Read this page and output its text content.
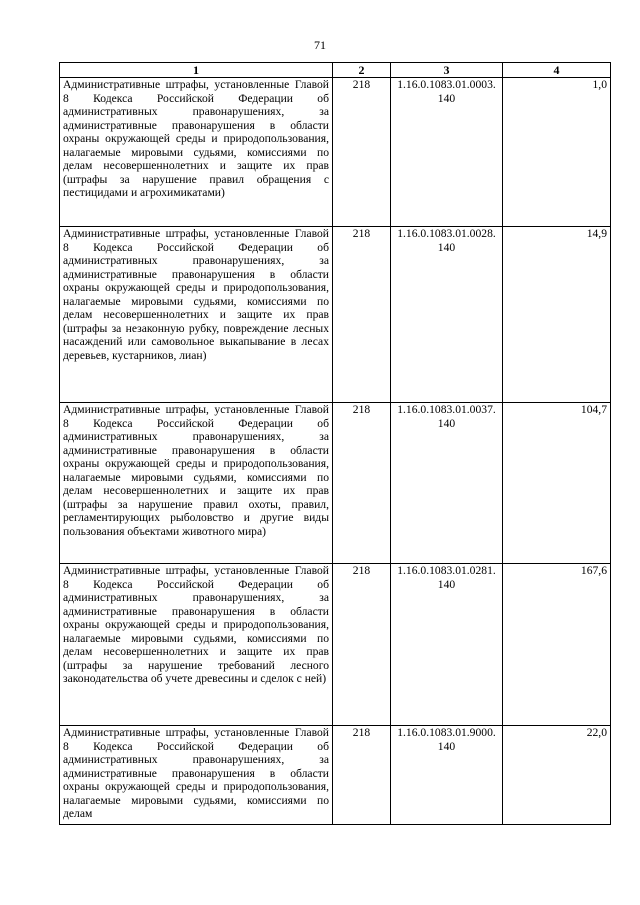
71
1	2	3	4
Административные штрафы, установленные Главой 8 Кодекса Российской Федерации об административных правонарушениях, за административные правонарушения в области охраны окружающей среды и природопользования, налагаемые мировыми судьями, комиссиями по делам несовершеннолетних и защите их прав (штрафы за нарушение правил обращения с пестицидами и агрохимикатами)	218	1.16.0.1083.01.0003. 140	1,0
Административные штрафы, установленные Главой 8 Кодекса Российской Федерации об административных правонарушениях, за административные правонарушения в области охраны окружающей среды и природопользования, налагаемые мировыми судьями, комиссиями по делам несовершеннолетних и защите их прав (штрафы за незаконную рубку, повреждение лесных насаждений или самовольное выкапывание в лесах деревьев, кустарников, лиан)	218	1.16.0.1083.01.0028. 140	14,9
Административные штрафы, установленные Главой 8 Кодекса Российской Федерации об административных правонарушениях, за административные правонарушения в области охраны окружающей среды и природопользования, налагаемые мировыми судьями, комиссиями по делам несовершеннолетних и защите их прав (штрафы за нарушение правил охоты, правил, регламентирующих рыболовство и другие виды пользования объектами животного мира)	218	1.16.0.1083.01.0037. 140	104,7
Административные штрафы, установленные Главой 8 Кодекса Российской Федерации об административных правонарушениях, за административные правонарушения в области охраны окружающей среды и природопользования, налагаемые мировыми судьями, комиссиями по делам несовершеннолетних и защите их прав (штрафы за нарушение требований лесного законодательства об учете древесины и сделок с ней)	218	1.16.0.1083.01.0281. 140	167,6
Административные штрафы, установленные Главой 8 Кодекса Российской Федерации об административных правонарушениях, за административные правонарушения в области охраны окружающей среды и природопользования, налагаемые мировыми судьями, комиссиями по делам	218	1.16.0.1083.01.9000. 140	22,0
